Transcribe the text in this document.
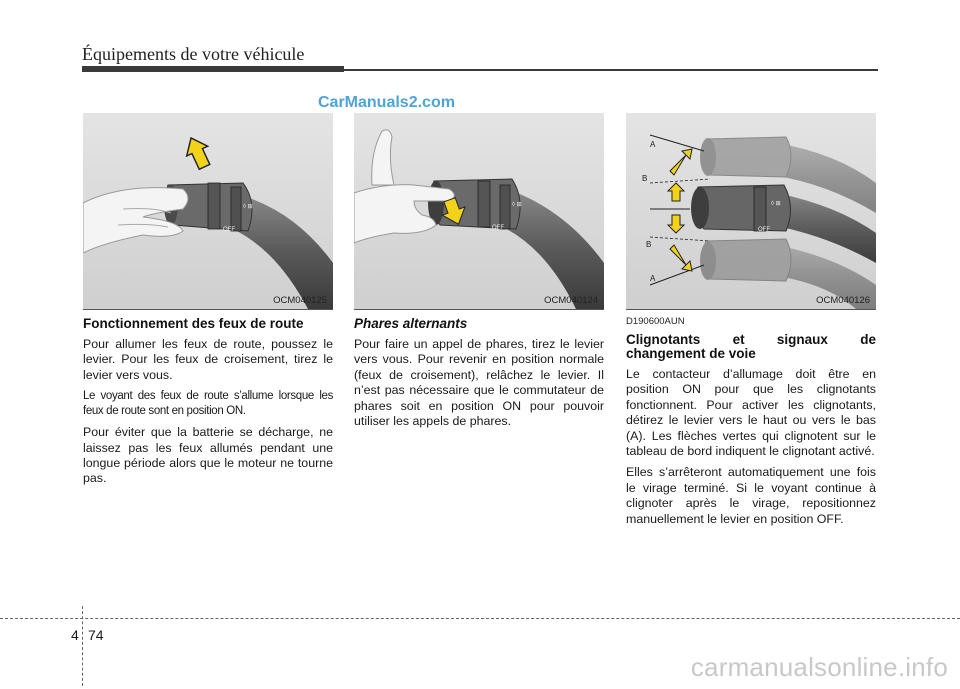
Équipements de votre véhicule
CarManuals2.com
◊ ⊞
OFF
OCM040125
Fonctionnement des feux de route

Pour allumer les feux de route, poussez le levier. Pour les feux de croisement, tirez le levier vers vous.

Le voyant des feux de route s’allume lorsque les feux de route sont en position ON.

Pour éviter que la batterie se décharge, ne laissez pas les feux allumés pendant une longue période alors que le moteur ne tourne pas.

◊ ⊞
OFF
OCM040124
Phares alternants

Pour faire un appel de phares, tirez le levier vers vous. Pour revenir en position normale (feux de croisement), relâchez le levier. Il n’est pas nécessaire que le commutateur de phares soit en position ON pour pouvoir utiliser les appels de phares.

◊ ⊞
OFF
A
B
B
A
OCM040126
D190600AUN
Clignotants et signaux de
changement de voie

Le contacteur d’allumage doit être en position ON pour que les clignotants fonctionnent. Pour activer les clignotants, détirez le levier vers le haut ou vers le bas (A). Les flèches vertes qui clignotent sur le tableau de bord indiquent le clignotant activé.

Elles s’arrêteront automatiquement une fois le virage terminé. Si le voyant continue à clignoter après le virage, repositionnez manuellement le levier en position OFF.

4 74
carmanualsonline.info
